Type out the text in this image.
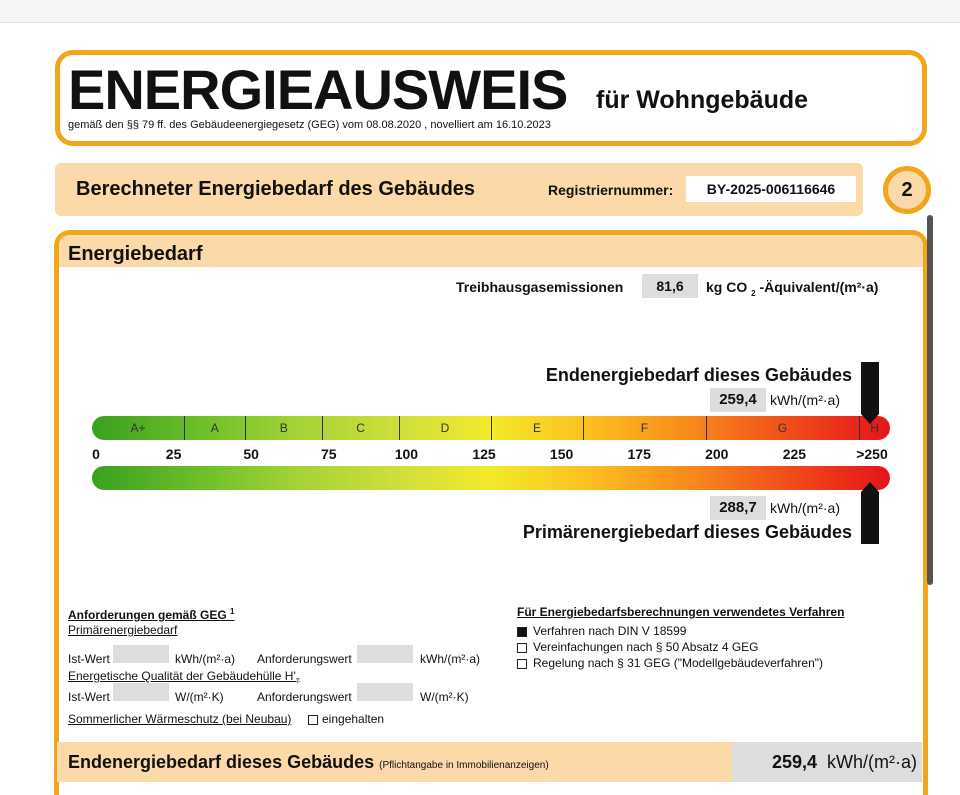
ENERGIEAUSWEIS für Wohngebäude
gemäß den §§ 79 ff. des Gebäudeenergiegesetz (GEG) vom 08.08.2020 , novelliert am 16.10.2023
Berechneter Energiebedarf des Gebäudes	Registriernummer:	BY-2025-006116646	2
Energiebedarf
Treibhausgasemissionen	81,6	kg CO $_2$ -Äquivalent/(m²·a)
Endenergiebedarf dieses Gebäudes
259,4 kWh/(m²·a)
A+	A	B	C	D	E	F	G	H
0	25	50	75	100	125	150	175	200	225	>250
288,7 kWh/(m²·a)
Primärenergiebedarf dieses Gebäudes
Anforderungen gemäß GEG $^1$
Primärenergiebedarf
Ist-Wert	kWh/(m²·a) Anforderungswert	kWh/(m²·a)
Energetische Qualität der Gebäudehülle $H'_T$
Ist-Wert	W/(m²·K)	Anforderungswert	W/(m²·K)
Sommerlicher Wärmeschutz (bei Neubau)	eingehalten
Für Energiebedarfsberechnungen verwendetes Verfahren
Verfahren nach DIN V 18599
Vereinfachungen nach § 50 Absatz 4 GEG
Regelung nach § 31 GEG ("Modellgebäudeverfahren")
Endenergiebedarf dieses Gebäudes (Pflichtangabe in Immobilienanzeigen)	259,4 kWh/(m²·a)
